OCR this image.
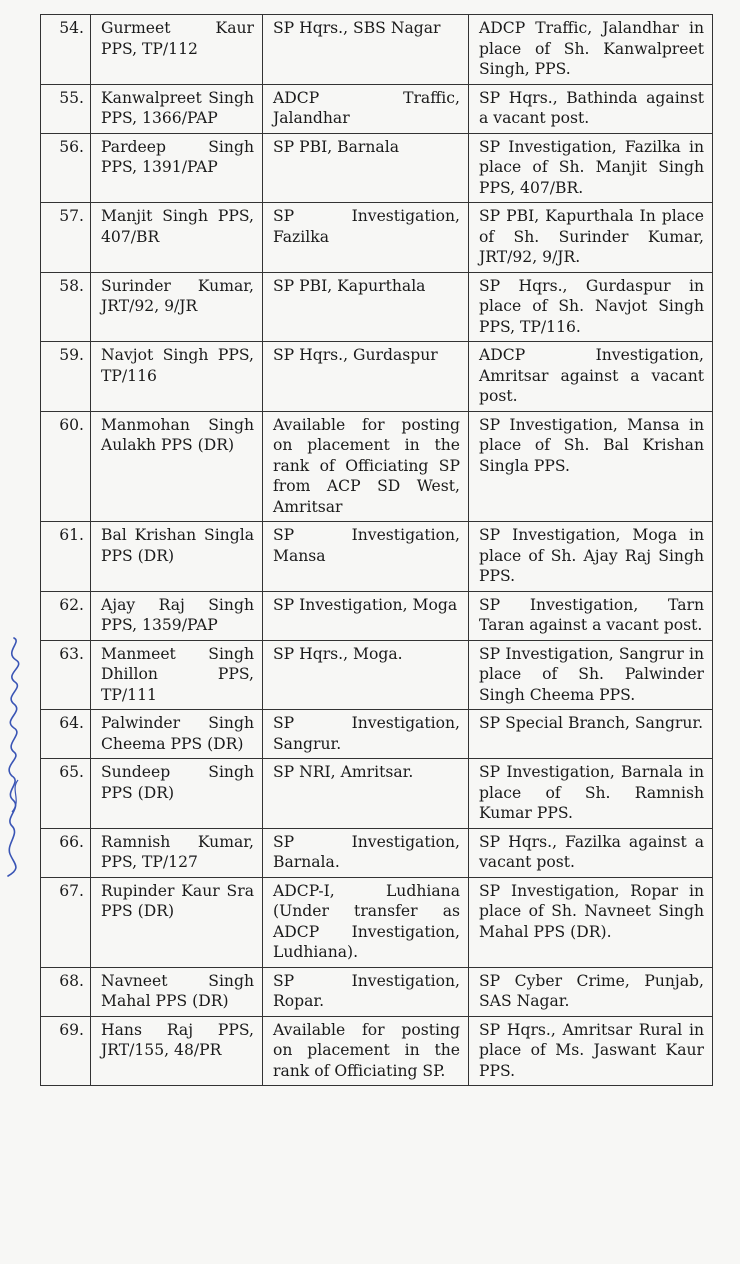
54.	Gurmeet Kaur PPS, TP/112	SP Hqrs., SBS Nagar	ADCP Traffic, Jalandhar in place of Sh. Kanwalpreet Singh, PPS.
55.	Kanwalpreet Singh PPS, 1366/PAP	ADCP Traffic, Jalandhar	SP Hqrs., Bathinda against a vacant post.
56.	Pardeep Singh PPS, 1391/PAP	SP PBI, Barnala	SP Investigation, Fazilka in place of Sh. Manjit Singh PPS, 407/BR.
57.	Manjit Singh PPS, 407/BR	SP Investigation, Fazilka	SP PBI, Kapurthala In place of Sh. Surinder Kumar, JRT/92, 9/JR.
58.	Surinder Kumar, JRT/92, 9/JR	SP PBI, Kapurthala	SP Hqrs., Gurdaspur in place of Sh. Navjot Singh PPS, TP/116.
59.	Navjot Singh PPS, TP/116	SP Hqrs., Gurdaspur	ADCP Investigation, Amritsar against a vacant post.
60.	Manmohan Singh Aulakh PPS (DR)	Available for posting on placement in the rank of Officiating SP from ACP SD West, Amritsar	SP Investigation, Mansa in place of Sh. Bal Krishan Singla PPS.
61.	Bal Krishan Singla PPS (DR)	SP Investigation, Mansa	SP Investigation, Moga in place of Sh. Ajay Raj Singh PPS.
62.	Ajay Raj Singh PPS, 1359/PAP	SP Investigation, Moga	SP Investigation, Tarn Taran against a vacant post.
63.	Manmeet Singh Dhillon PPS, TP/111	SP Hqrs., Moga.	SP Investigation, Sangrur in place of Sh. Palwinder Singh Cheema PPS.
64.	Palwinder Singh Cheema PPS (DR)	SP Investigation, Sangrur.	SP Special Branch, Sangrur.
65.	Sundeep Singh PPS (DR)	SP NRI, Amritsar.	SP Investigation, Barnala in place of Sh. Ramnish Kumar PPS.
66.	Ramnish Kumar, PPS, TP/127	SP Investigation, Barnala.	SP Hqrs., Fazilka against a vacant post.
67.	Rupinder Kaur Sra PPS (DR)	ADCP-I, Ludhiana (Under transfer as ADCP Investigation, Ludhiana).	SP Investigation, Ropar in place of Sh. Navneet Singh Mahal PPS (DR).
68.	Navneet Singh Mahal PPS (DR)	SP Investigation, Ropar.	SP Cyber Crime, Punjab, SAS Nagar.
69.	Hans Raj PPS, JRT/155, 48/PR	Available for posting on placement in the rank of Officiating SP.	SP Hqrs., Amritsar Rural in place of Ms. Jaswant Kaur PPS.
